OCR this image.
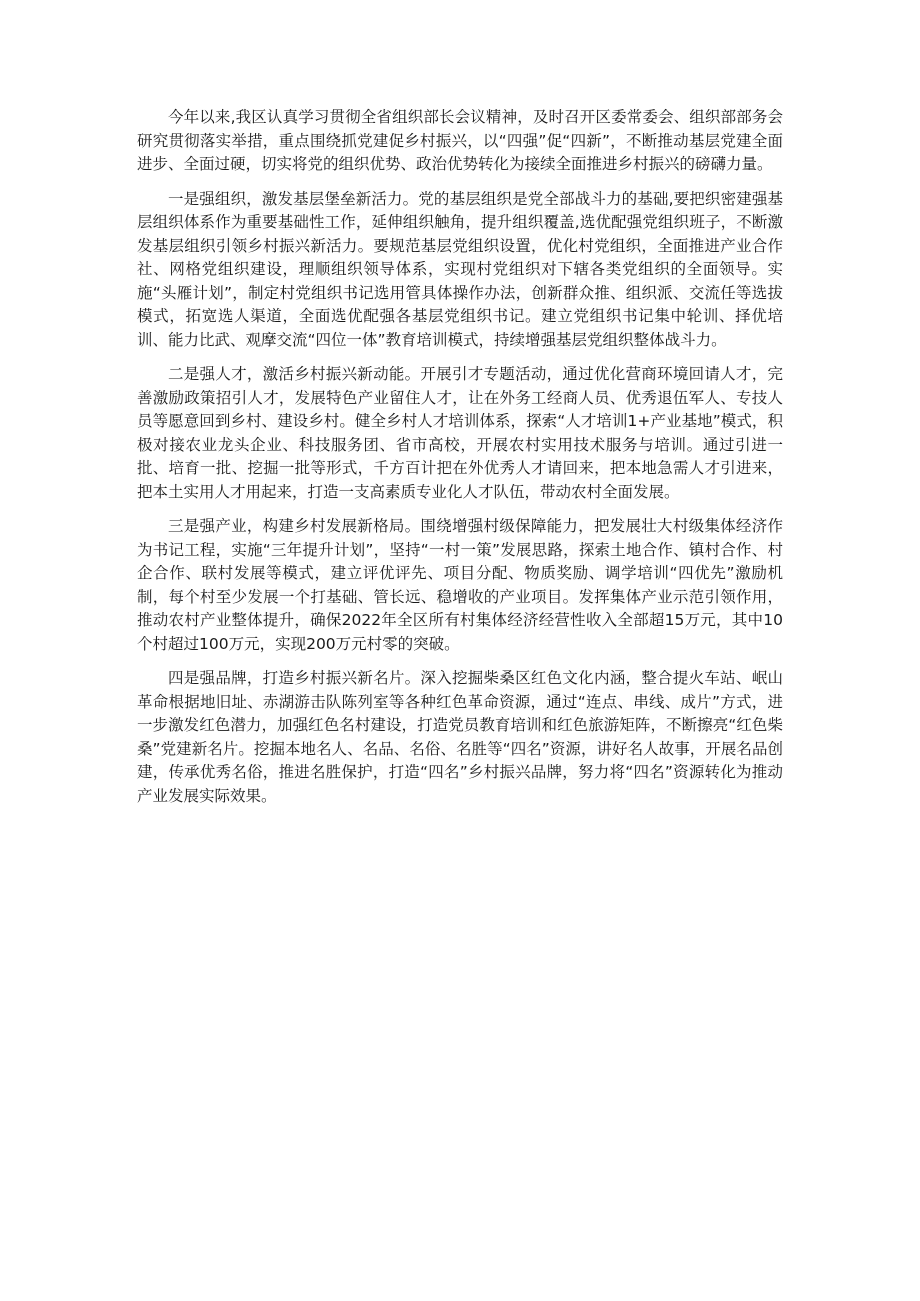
今年以来,我区认真学习贯彻全省组织部长会议精神，及时召开区委常委会、组织部部务会研究贯彻落实举措，重点围绕抓党建促乡村振兴，以“四强”促“四新”，不断推动基层党建全面进步、全面过硬，切实将党的组织优势、政治优势转化为接续全面推进乡村振兴的磅礴力量。

一是强组织，激发基层堡垒新活力。党的基层组织是党全部战斗力的基础,要把织密建强基层组织体系作为重要基础性工作，延伸组织触角，提升组织覆盖,选优配强党组织班子，不断激发基层组织引领乡村振兴新活力。要规范基层党组织设置，优化村党组织，全面推进产业合作社、网格党组织建设，理顺组织领导体系，实现村党组织对下辖各类党组织的全面领导。实施“头雁计划”，制定村党组织书记选用管具体操作办法，创新群众推、组织派、交流任等选拔模式，拓宽选人渠道，全面选优配强各基层党组织书记。建立党组织书记集中轮训、择优培训、能力比武、观摩交流“四位一体”教育培训模式，持续增强基层党组织整体战斗力。

二是强人才，激活乡村振兴新动能。开展引才专题活动，通过优化营商环境回请人才，完善激励政策招引人才，发展特色产业留住人才，让在外务工经商人员、优秀退伍军人、专技人员等愿意回到乡村、建设乡村。健全乡村人才培训体系，探索“人才培训1+产业基地”模式，积极对接农业龙头企业、科技服务团、省市高校，开展农村实用技术服务与培训。通过引进一批、培育一批、挖掘一批等形式，千方百计把在外优秀人才请回来，把本地急需人才引进来，把本土实用人才用起来，打造一支高素质专业化人才队伍，带动农村全面发展。

三是强产业，构建乡村发展新格局。围绕增强村级保障能力，把发展壮大村级集体经济作为书记工程，实施“三年提升计划”，坚持“一村一策”发展思路，探索土地合作、镇村合作、村企合作、联村发展等模式，建立评优评先、项目分配、物质奖励、调学培训“四优先”激励机制，每个村至少发展一个打基础、管长远、稳增收的产业项目。发挥集体产业示范引领作用，推动农村产业整体提升，确保2022年全区所有村集体经济经营性收入全部超15万元，其中10个村超过100万元，实现200万元村零的突破。

四是强品牌，打造乡村振兴新名片。深入挖掘柴桑区红色文化内涵，整合提火车站、岷山革命根据地旧址、赤湖游击队陈列室等各种红色革命资源，通过“连点、串线、成片”方式，进一步激发红色潜力，加强红色名村建设，打造党员教育培训和红色旅游矩阵，不断擦亮“红色柴桑”党建新名片。挖掘本地名人、名品、名俗、名胜等“四名”资源，讲好名人故事，开展名品创建，传承优秀名俗，推进名胜保护，打造“四名”乡村振兴品牌，努力将“四名”资源转化为推动产业发展实际效果。
